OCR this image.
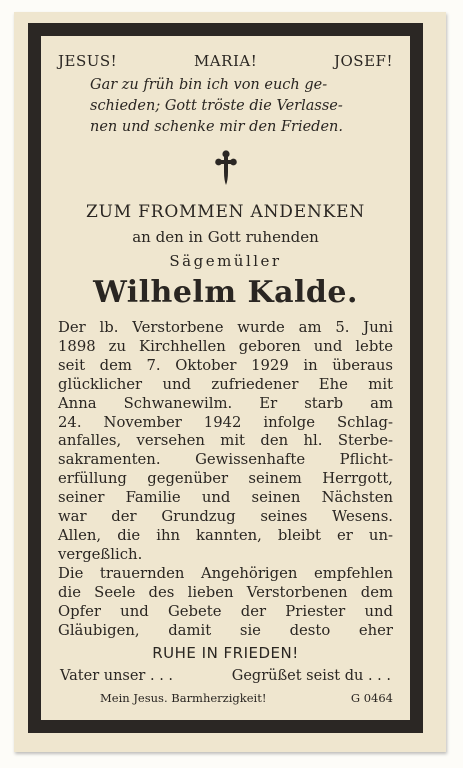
JESUS!	MARIA!	JOSEF!
Gar zu früh bin ich von euch ge-
schieden; Gott tröste die Verlasse-
nen und schenke mir den Frieden.
ZUM FROMMEN ANDENKEN
an den in Gott ruhenden
Sägemüller
Wilhelm Kalde.
Der lb. Verstorbene wurde am 5. Juni
1898 zu Kirchhellen geboren und lebte
seit dem 7. Oktober 1929 in überaus
glücklicher und zufriedener Ehe mit
Anna Schwanewilm. Er starb am
24. November 1942 infolge Schlag-
anfalles, versehen mit den hl. Sterbe-
sakramenten. Gewissenhafte Pflicht-
erfüllung gegenüber seinem Herrgott,
seiner Familie und seinen Nächsten
war der Grundzug seines Wesens.
Allen, die ihn kannten, bleibt er un-
vergeßlich.
Die trauernden Angehörigen empfehlen
die Seele des lieben Verstorbenen dem
Opfer und Gebete der Priester und
Gläubigen, damit sie desto eher
RUHE IN FRIEDEN!
Vater unser . . .	Gegrüßet seist du . . .
Mein Jesus. Barmherzigkeit!	G 0464
